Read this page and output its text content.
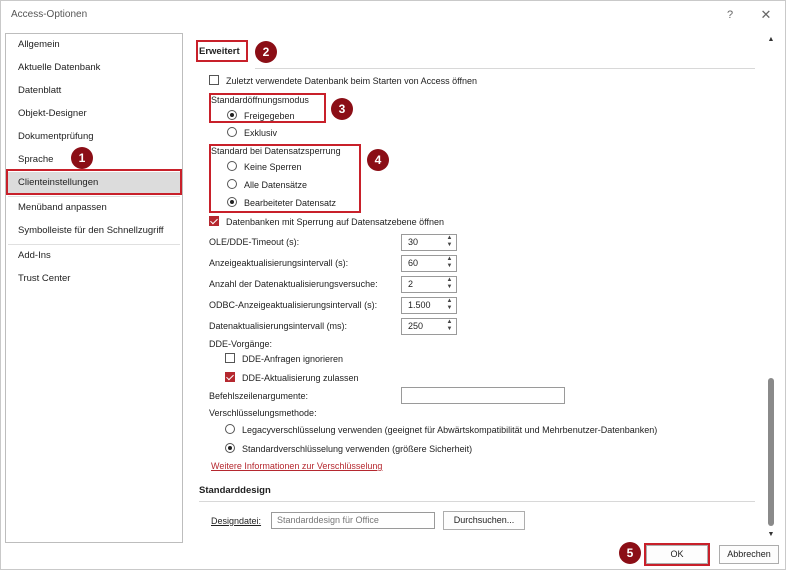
Access-Optionen	?	✕
Allgemein
Aktuelle Datenbank
Datenblatt
Objekt-Designer
Dokumentprüfung
Sprache
Clienteinstellungen
Menüband anpassen
Symbolleiste für den Schnellzugriff
Add-Ins
Trust Center
Erweitert
Zuletzt verwendete Datenbank beim Starten von Access öffnen
Standardöffnungsmodus
Freigegeben
Exklusiv
Standard bei Datensatzsperrung
Keine Sperren
Alle Datensätze
Bearbeiteter Datensatz
Datenbanken mit Sperrung auf Datensatzebene öffnen
OLE/DDE-Timeout (s):	30	▲
▼
Anzeigeaktualisierungsintervall (s):	60	▲
▼
Anzahl der Datenaktualisierungsversuche:	2	▲
▼
ODBC-Anzeigeaktualisierungsintervall (s):	1.500	▲
▼
Datenaktualisierungsintervall (ms):	250	▲
▼
DDE-Vorgänge:
DDE-Anfragen ignorieren
DDE-Aktualisierung zulassen
Befehlszeilenargumente:
Verschlüsselungsmethode:
Legacyverschlüsselung verwenden (geeignet für Abwärtskompatibilität und Mehrbenutzer-Datenbanken)
Standardverschlüsselung verwenden (größere Sicherheit)
Weitere Informationen zur Verschlüsselung
Standarddesign
Designdatei:	Standarddesign für Office	Durchsuchen...
▲
▼
OK	Abbrechen
1
2
3
4
5
